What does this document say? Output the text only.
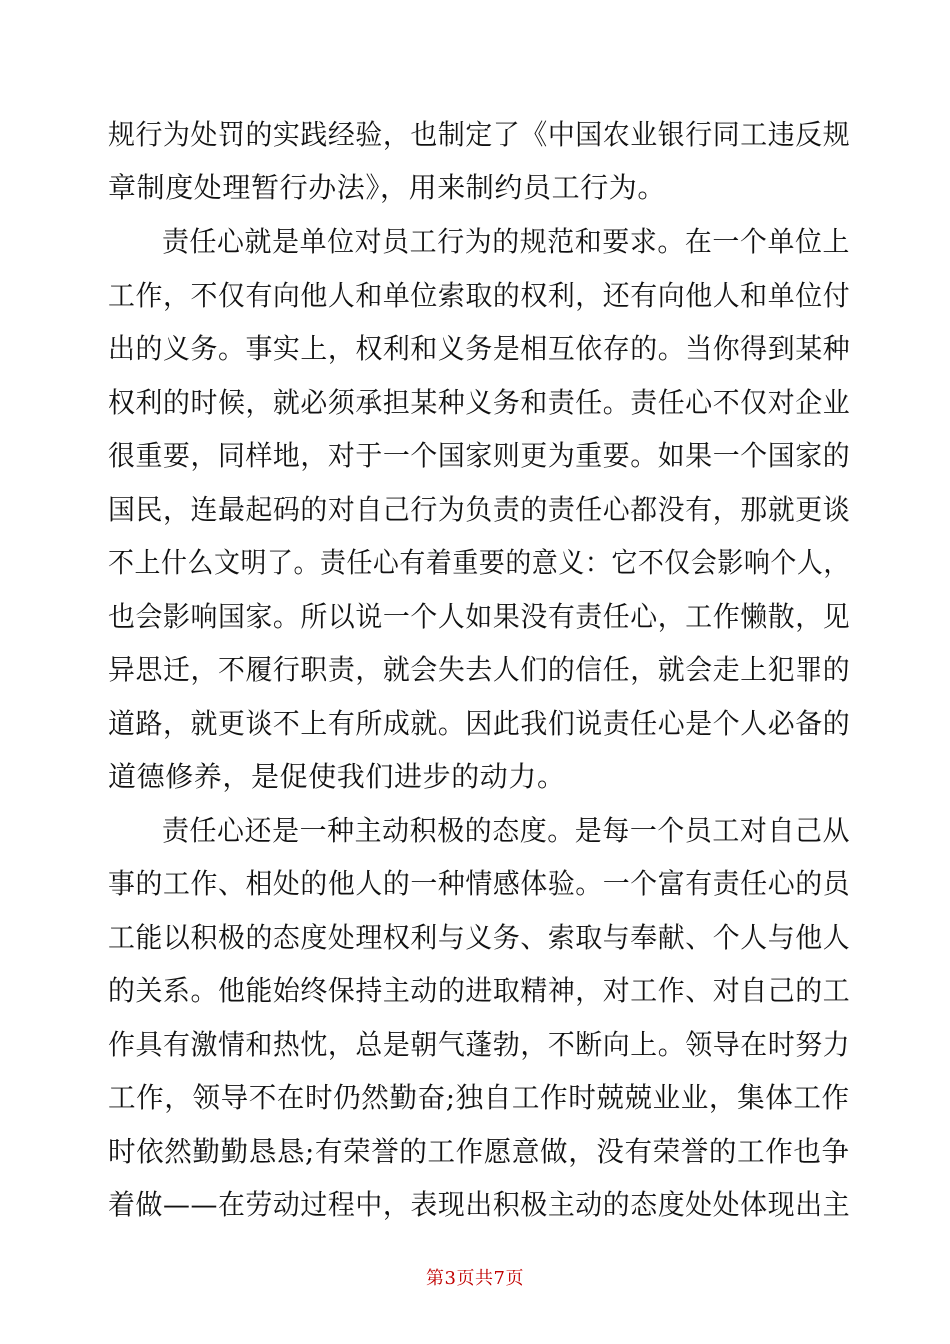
规行为处罚的实践经验，也制定了《中国农业银行同工违反规
章制度处理暂行办法》，用来制约员工行为。
责任心就是单位对员工行为的规范和要求。在一个单位上
工作，不仅有向他人和单位索取的权利，还有向他人和单位付
出的义务。事实上，权利和义务是相互依存的。当你得到某种
权利的时候，就必须承担某种义务和责任。责任心不仅对企业
很重要，同样地，对于一个国家则更为重要。如果一个国家的
国民，连最起码的对自己行为负责的责任心都没有，那就更谈
不上什么文明了。责任心有着重要的意义：它不仅会影响个人，
也会影响国家。所以说一个人如果没有责任心，工作懒散，见
异思迁，不履行职责，就会失去人们的信任，就会走上犯罪的
道路，就更谈不上有所成就。因此我们说责任心是个人必备的
道德修养，是促使我们进步的动力。
责任心还是一种主动积极的态度。是每一个员工对自己从
事的工作、相处的他人的一种情感体验。一个富有责任心的员
工能以积极的态度处理权利与义务、索取与奉献、个人与他人
的关系。他能始终保持主动的进取精神，对工作、对自己的工
作具有激情和热忱，总是朝气蓬勃，不断向上。领导在时努力
工作，领导不在时仍然勤奋;独自工作时兢兢业业，集体工作
时依然勤勤恳恳;有荣誉的工作愿意做，没有荣誉的工作也争
着做——在劳动过程中，表现出积极主动的态度处处体现出主
第3页共7页
